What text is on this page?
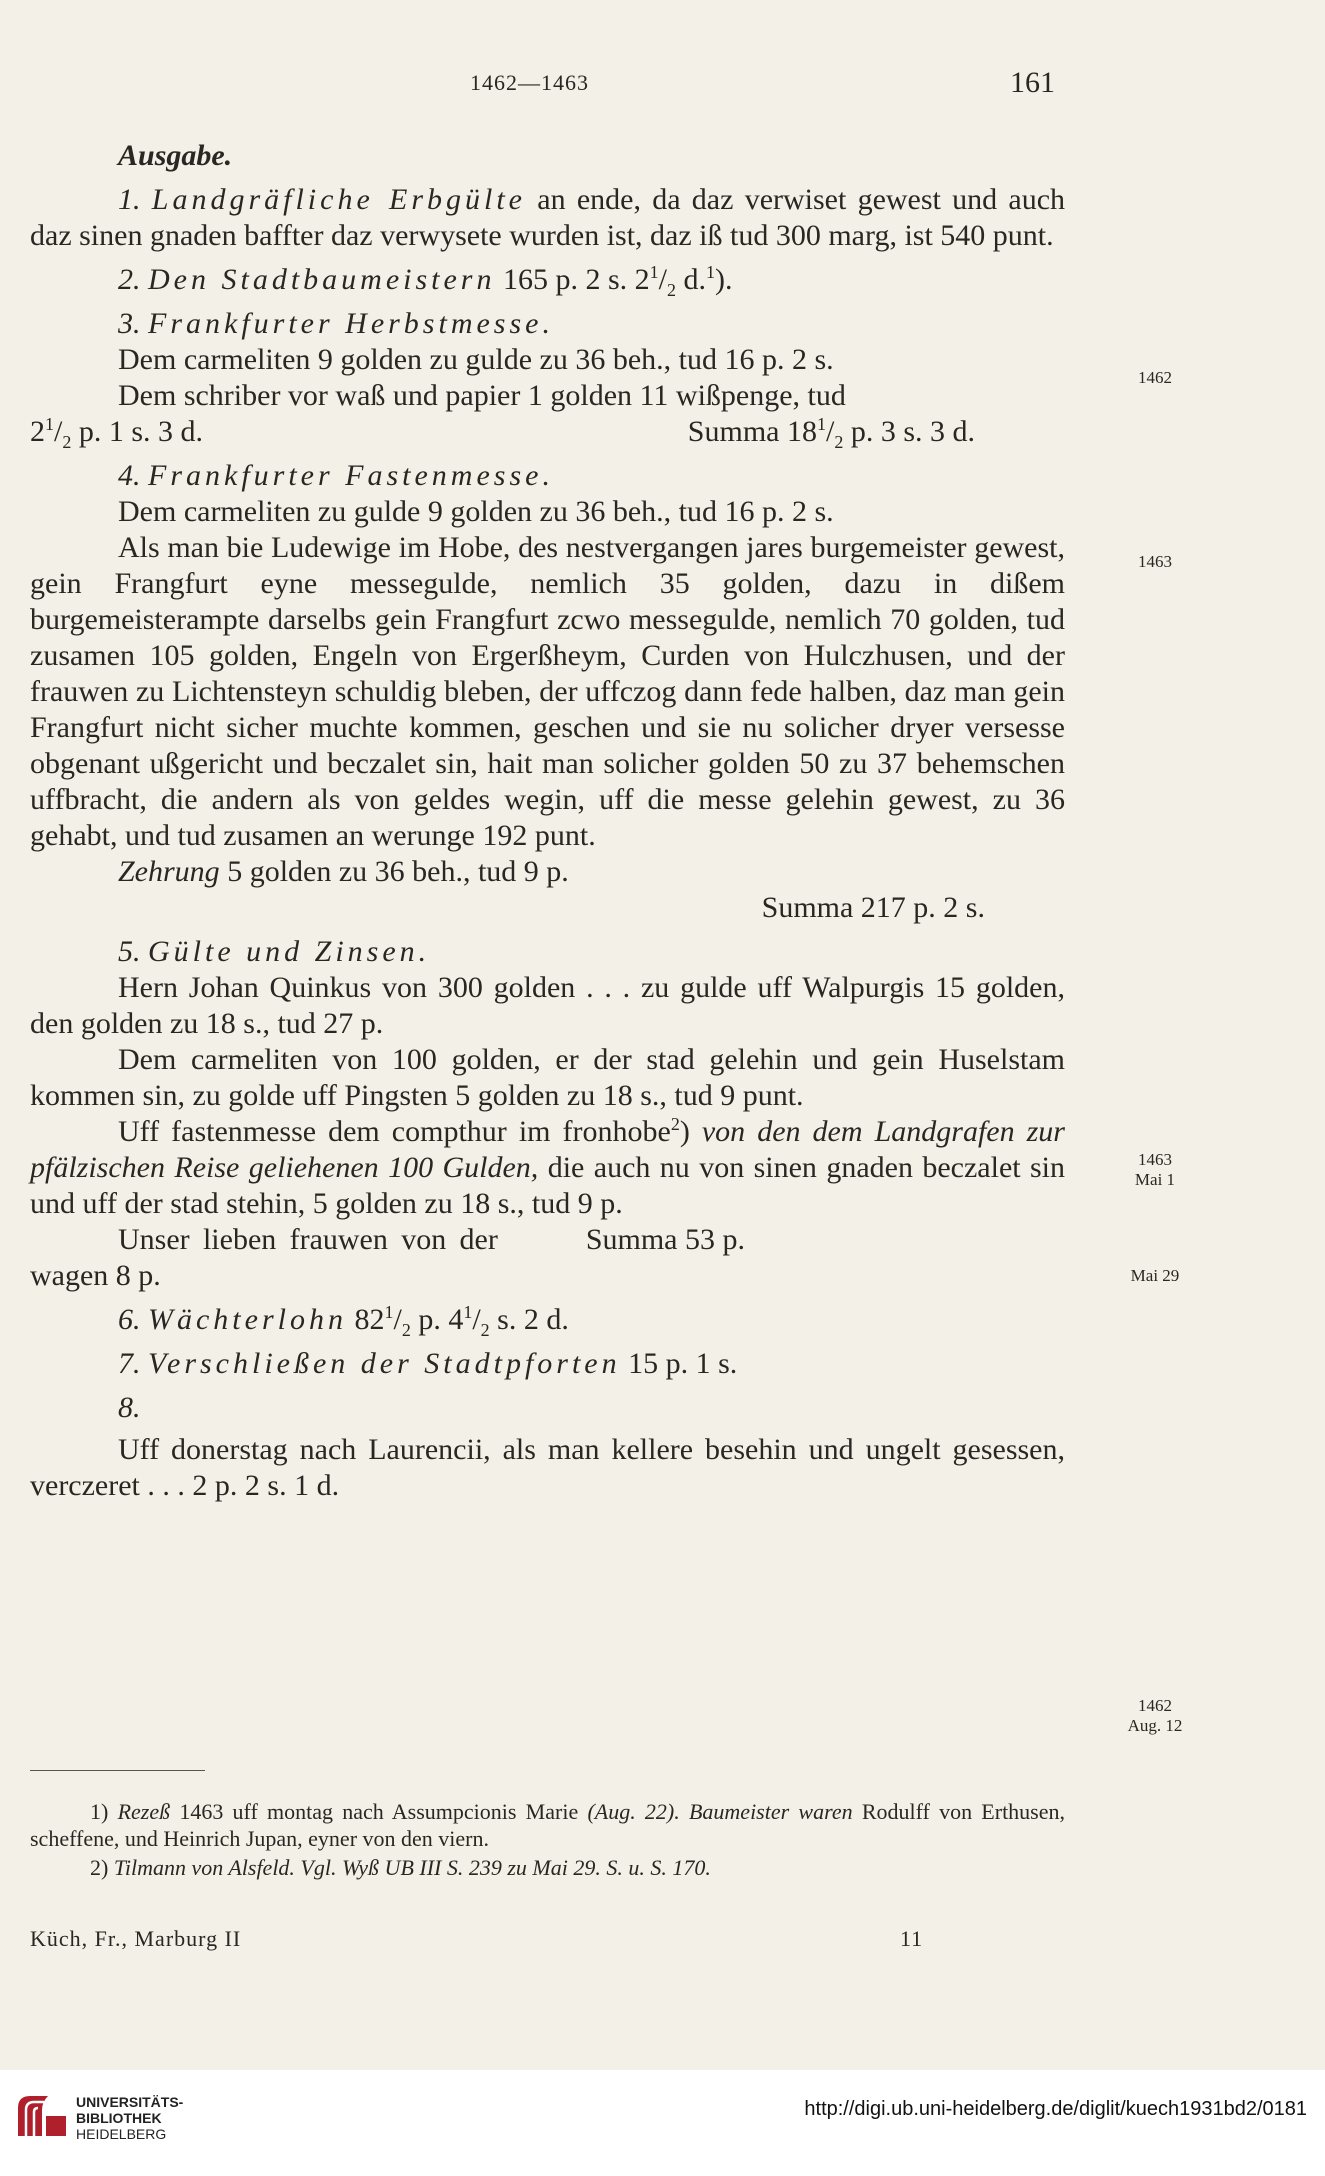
1462—1463	161

Ausgabe.

1. Landgräfliche Erbgülte an ende, da daz verwiset gewest und auch daz sinen gnaden baffter daz verwysete wurden ist, daz iß tud 300 marg, ist 540 punt.

2. Den Stadtbaumeistern 165 p. 2 s. $2^1/_2$ d.$^1$).

3. Frankfurter Herbstmesse.

Dem carmeliten 9 golden zu gulde zu 36 beh., tud 16 p. 2 s.

Dem schriber vor waß und papier 1 golden 11 wißpenge, tud

$2^1/_2$ p. 1 s. 3 d.	Summa $18^1/_2$ p. 3 s. 3 d.

4. Frankfurter Fastenmesse.

Dem carmeliten zu gulde 9 golden zu 36 beh., tud 16 p. 2 s.

Als man bie Ludewige im Hobe, des nestvergangen jares burgemeister gewest, gein Frangfurt eyne messegulde, nemlich 35 golden, dazu in dißem burgemeisterampte darselbs gein Frangfurt zcwo messegulde, nemlich 70 golden, tud zusamen 105 golden, Engeln von Ergerßheym, Curden von Hulczhusen, und der frauwen zu Lichtensteyn schuldig bleben, der uffczog dann fede halben, daz man gein Frangfurt nicht sicher muchte kommen, geschen und sie nu solicher dryer versesse obgenant ußgericht und beczalet sin, hait man solicher golden 50 zu 37 behemschen uffbracht, die andern als von geldes wegin, uff die messe gelehin gewest, zu 36 gehabt, und tud zusamen an werunge 192 punt.

Zehrung 5 golden zu 36 beh., tud 9 p.

Summa 217 p. 2 s.

5. Gülte und Zinsen.

Hern Johan Quinkus von 300 golden . . . zu gulde uff Walpurgis 15 golden, den golden zu 18 s., tud 27 p.

Dem carmeliten von 100 golden, er der stad gelehin und gein Huselstam kommen sin, zu golde uff Pingsten 5 golden zu 18 s., tud 9 punt.

Uff fastenmesse dem compthur im fronhobe$^2$) von den dem Landgrafen zur pfälzischen Reise geliehenen 100 Gulden, die auch nu von sinen gnaden beczalet sin und uff der stad stehin, 5 golden zu 18 s., tud 9 p.

Unser lieben frauwen von der wagen 8 p.
Summa 53 p.

6. Wächterlohn $82^1/_2$ p. $4^1/_2$ s. 2 d.

7. Verschließen der Stadtpforten 15 p. 1 s.

8.

Uff donerstag nach Laurencii, als man kellere besehin und ungelt gesessen, verczeret . . . 2 p. 2 s. 1 d.

1462
1463
1463
Mai 1
Mai 29
1462
Aug. 12

1) Rezeß 1463 uff montag nach Assumpcionis Marie (Aug. 22). Baumeister waren Rodulff von Erthusen, scheffene, und Heinrich Jupan, eyner von den viern.

2) Tilmann von Alsfeld. Vgl. Wyß UB III S. 239 zu Mai 29. S. u. S. 170.

Küch, Fr., Marburg II	11
UNIVERSITÄTS-
BIBLIOTHEK
HEIDELBERG
http://digi.ub.uni-heidelberg.de/diglit/kuech1931bd2/0181
